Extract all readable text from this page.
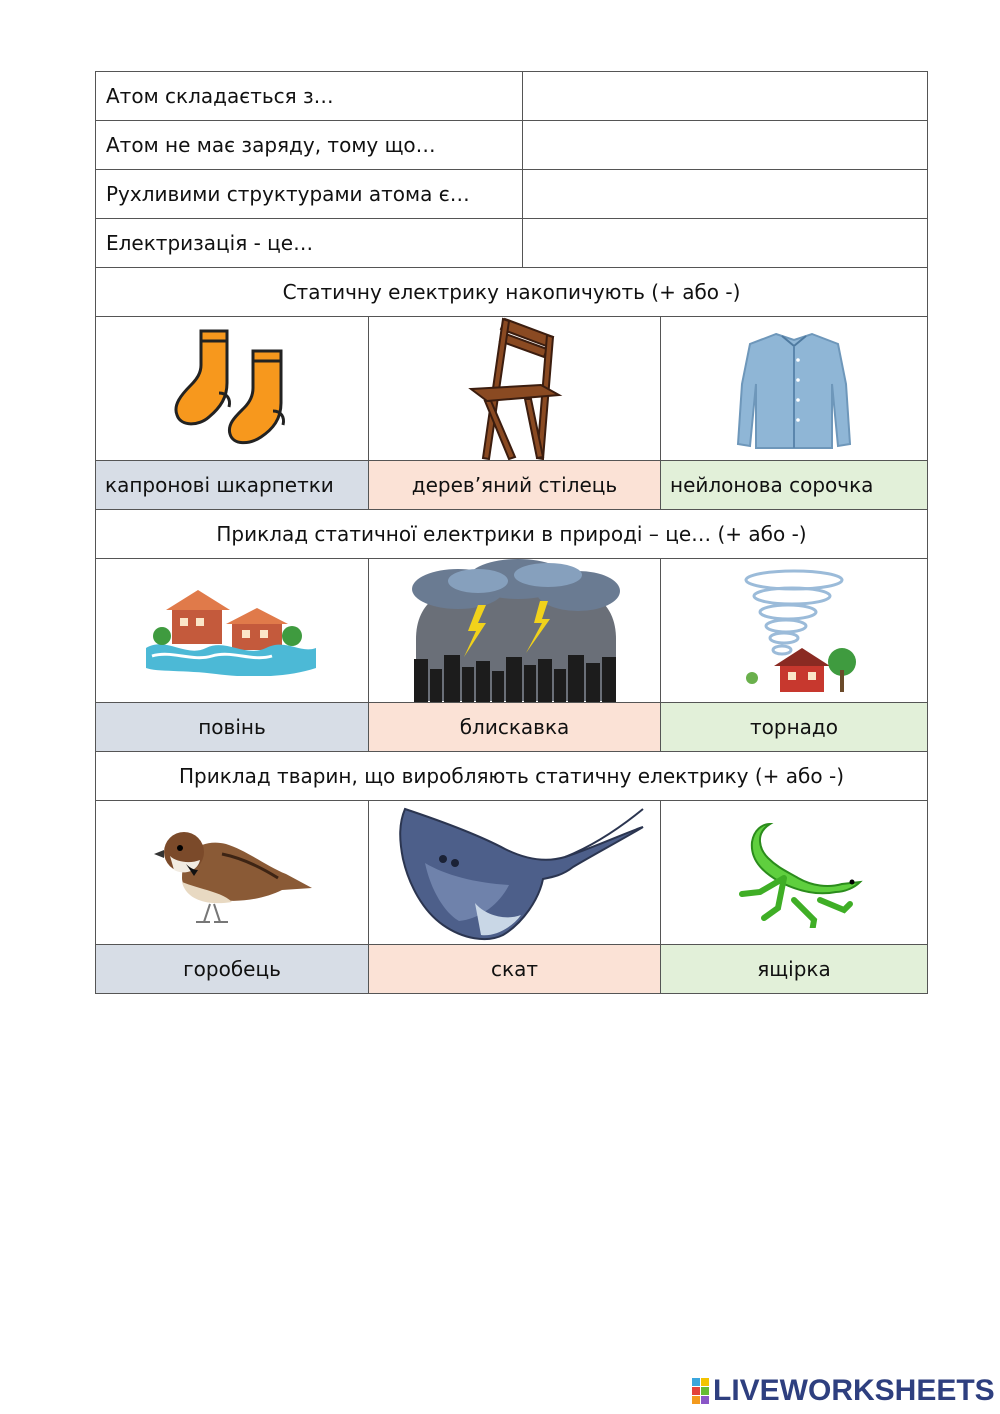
Атом складається з…
Атом не має заряду, тому що…
Рухливими структурами атома є…
Електризація - це…
Статичну електрику накопичують (+ або -)
капронові шкарпетки	дерев’яний стілець	нейлонова сорочка
Приклад статичної електрики в природі – це… (+ або -)
повінь	блискавка	торнадо
Приклад тварин, що виробляють статичну електрику (+ або -)
горобець	скат	ящірка
LIVEWORKSHEETS
